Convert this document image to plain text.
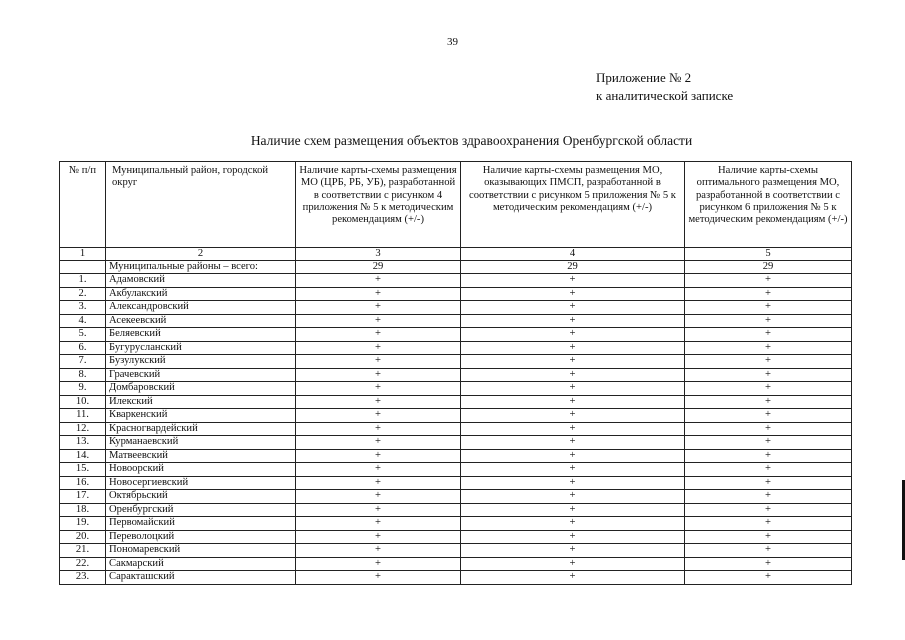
39
Приложение № 2
к аналитической записке
Наличие схем размещения объектов здравоохранения Оренбургской области
№ п/п	Муниципальный район, городской округ	Наличие карты-схемы размещения МО (ЦРБ, РБ, УБ), разработанной в соответствии с рисунком 4 приложения № 5 к методическим рекомендациям (+/-)	Наличие карты-схемы размещения МО, оказывающих ПМСП, разработанной в соответствии с рисунком 5 приложения № 5 к методическим рекомендациям (+/-)	Наличие карты-схемы оптимального размещения МО, разработанной в соответствии с рисунком 6 приложения № 5 к методическим рекомендациям (+/-)
1	2	3	4	5
	Муниципальные районы – всего:	29	29	29
1.	Адамовский	+	+	+
2.	Акбулакский	+	+	+
3.	Александровский	+	+	+
4.	Асекеевский	+	+	+
5.	Беляевский	+	+	+
6.	Бугурусланский	+	+	+
7.	Бузулукский	+	+	+
8.	Грачевский	+	+	+
9.	Домбаровский	+	+	+
10.	Илекский	+	+	+
11.	Кваркенский	+	+	+
12.	Красногвардейский	+	+	+
13.	Курманаевский	+	+	+
14.	Матвеевский	+	+	+
15.	Новоорский	+	+	+
16.	Новосергиевский	+	+	+
17.	Октябрьский	+	+	+
18.	Оренбургский	+	+	+
19.	Первомайский	+	+	+
20.	Переволоцкий	+	+	+
21.	Пономаревский	+	+	+
22.	Сакмарский	+	+	+
23.	Саракташский	+	+	+
